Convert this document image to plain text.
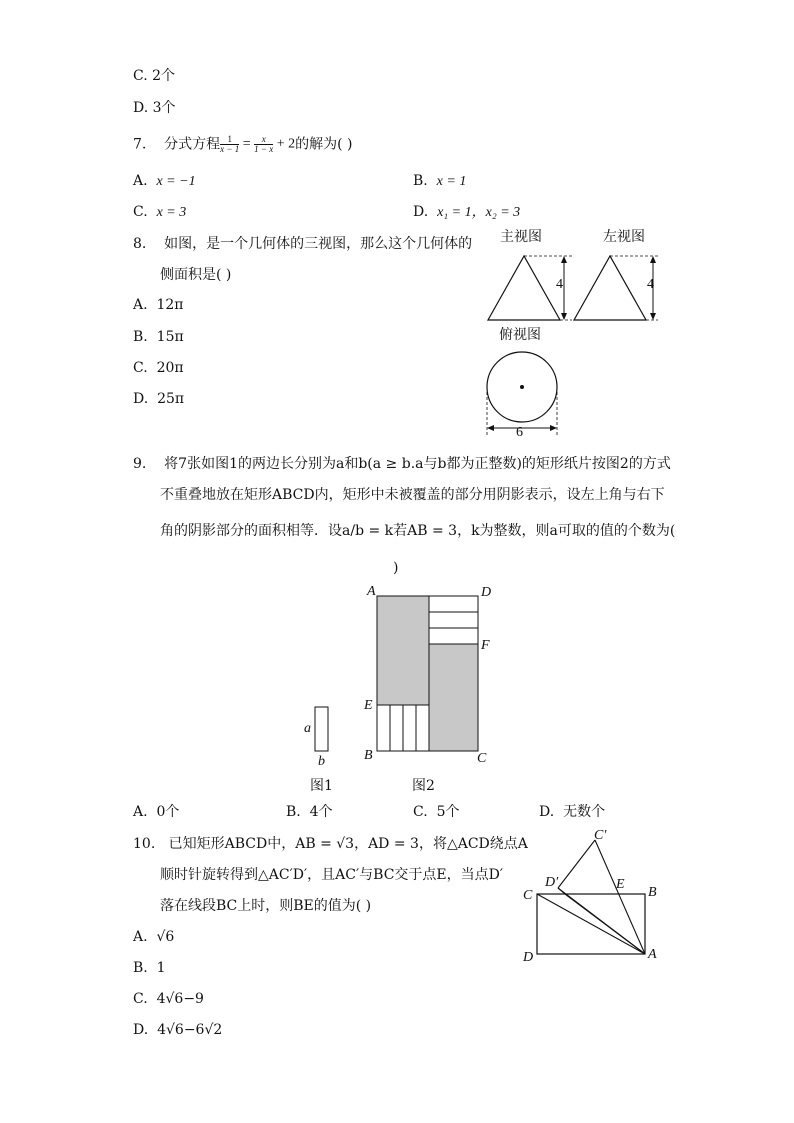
C. 2个
D. 3个
7. 分式方程 $\frac{1}{x - 1} = \frac{x}{1 - x} + 2$的解为( )
A. x = −1	B. x = 1
C. x = 3	D. x₁ = 1，x₂ = 3
8. 如图，是一个几何体的三视图，那么这个几何体的
侧面积是( )
A. 12π
B. 15π
C. 20π
D. 25π
主视图	左视图
4	4
俯视图
6
9. 将7张如图1的两边长分别为a和b(a ≥ b.a与b都为正整数)的矩形纸片按图2的方式
不重叠地放在矩形ABCD内，矩形中未被覆盖的部分用阴影表示，设左上角与右下
角的阴影部分的面积相等．设a/b = k若AB = 3，k为整数，则a可取的值的个数为(
)
A	D
F
E
B	C
a
b
图1	图2
A. 0个	B. 4个	C. 5个	D. 无数个
10. 已知矩形ABCD中，AB = √3，AD = 3，将△ACD绕点A
顺时针旋转得到△AC′D′，且AC′与BC交于点E，当点D′
落在线段BC上时，则BE的值为( )
A. √6
B. 1
C. 4√6−9
D. 4√6−6√2
C′
D′	E
B
C
D	A
